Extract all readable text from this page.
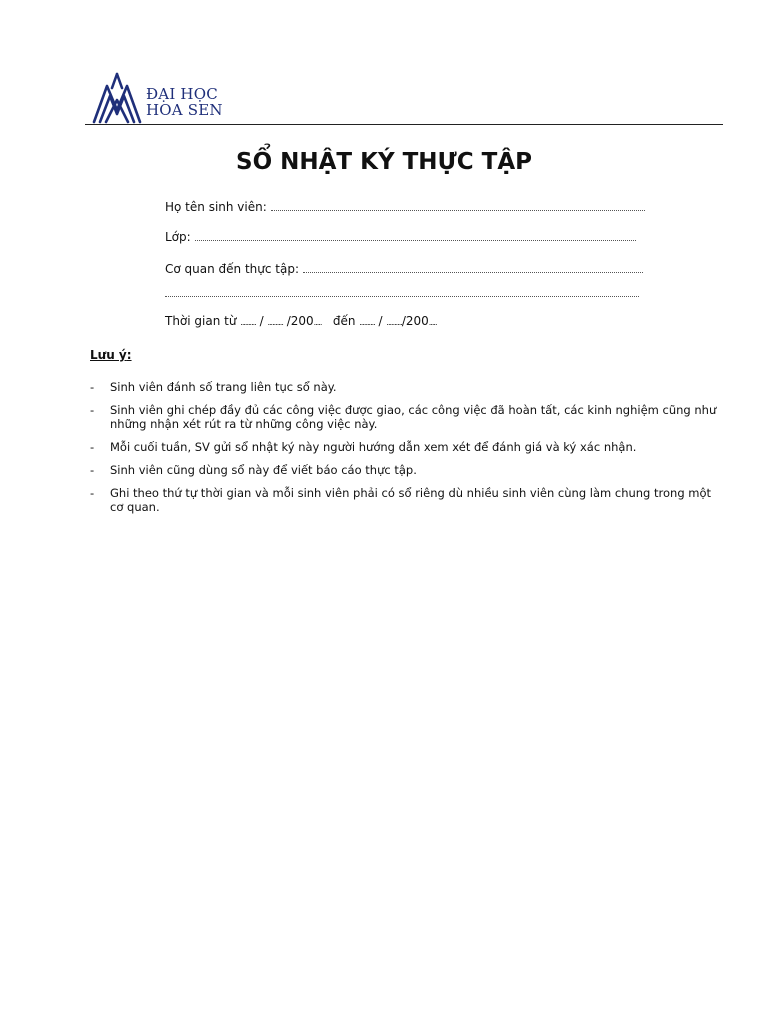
ĐẠI HỌC
HOA SEN
SỔ NHẬT KÝ THỰC TẬP
Họ tên sinh viên:
Lớp:
Cơ quan đến thực tập:
Thời gian từ .......... / .......... /200..... đến .......... / ........../200.....
Lưu ý:
- Sinh viên đánh số trang liên tục sổ này.
- Sinh viên ghi chép đầy đủ các công việc được giao, các công việc đã hoàn tất, các kinh nghiệm cũng như những nhận xét rút ra từ những công việc này.
- Mỗi cuối tuần, SV gửi sổ nhật ký này người hướng dẫn xem xét để đánh giá và ký xác nhận.
- Sinh viên cũng dùng sổ này để viết báo cáo thực tập.
- Ghi theo thứ tự thời gian và mỗi sinh viên phải có sổ riêng dù nhiều sinh viên cùng làm chung trong một cơ quan.
